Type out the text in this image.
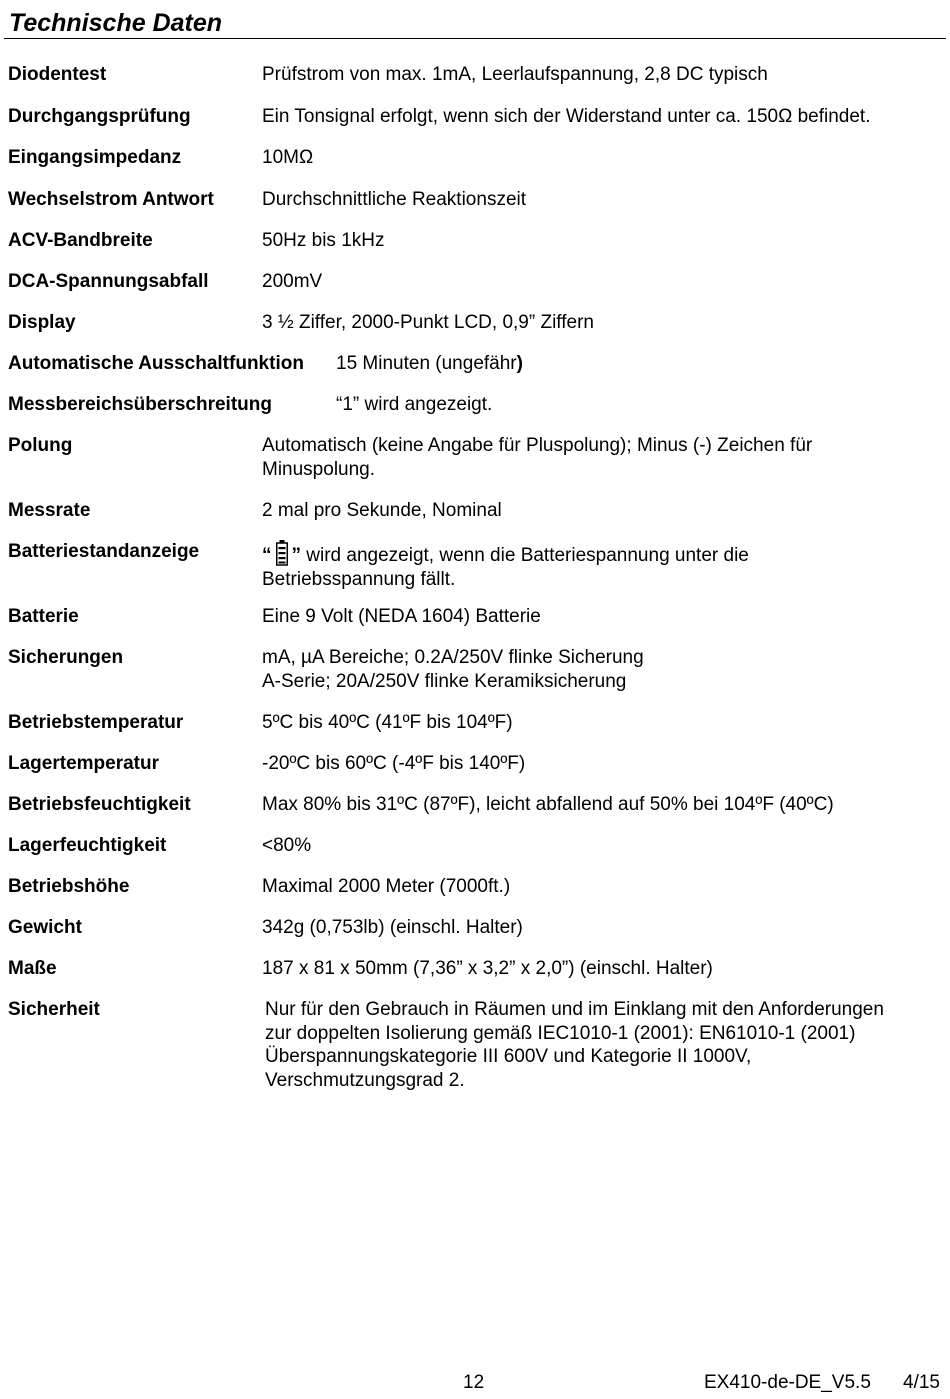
Technische Daten
Diodentest	Prüfstrom von max. 1mA, Leerlaufspannung, 2,8 DC typisch
Durchgangsprüfung	Ein Tonsignal erfolgt, wenn sich der Widerstand unter ca. 150Ω befindet.
Eingangsimpedanz	10MΩ
Wechselstrom Antwort	Durchschnittliche Reaktionszeit
ACV-Bandbreite	50Hz bis 1kHz
DCA-Spannungsabfall	200mV
Display	3 ½ Ziffer, 2000-Punkt LCD, 0,9” Ziffern
Automatische Ausschaltfunktion 15 Minuten (ungefähr)
Messbereichsüberschreitung	“1” wird angezeigt.
Polung	Automatisch (keine Angabe für Pluspolung); Minus (-) Zeichen für
Minuspolung.
Messrate	2 mal pro Sekunde, Nominal
Batteriestandanzeige	“ ” wird angezeigt, wenn die Batteriespannung unter die
Betriebsspannung fällt.
Batterie	Eine 9 Volt (NEDA 1604) Batterie
Sicherungen	mA, µA Bereiche; 0.2A/250V flinke Sicherung
A-Serie; 20A/250V flinke Keramiksicherung
Betriebstemperatur	5ºC bis 40ºC (41ºF bis 104ºF)
Lagertemperatur	-20ºC bis 60ºC (-4ºF bis 140ºF)
Betriebsfeuchtigkeit	Max 80% bis 31ºC (87ºF), leicht abfallend auf 50% bei 104ºF (40ºC)
Lagerfeuchtigkeit	<80%
Betriebshöhe	Maximal 2000 Meter (7000ft.)
Gewicht	342g (0,753lb) (einschl. Halter)
Maße	187 x 81 x 50mm (7,36” x 3,2” x 2,0”) (einschl. Halter)
Sicherheit	Nur für den Gebrauch in Räumen und im Einklang mit den Anforderungen
zur doppelten Isolierung gemäß IEC1010-1 (2001): EN61010-1 (2001)
Überspannungskategorie III 600V und Kategorie II 1000V,
Verschmutzungsgrad 2.
12	EX410-de-DE_V5.5 4/15
